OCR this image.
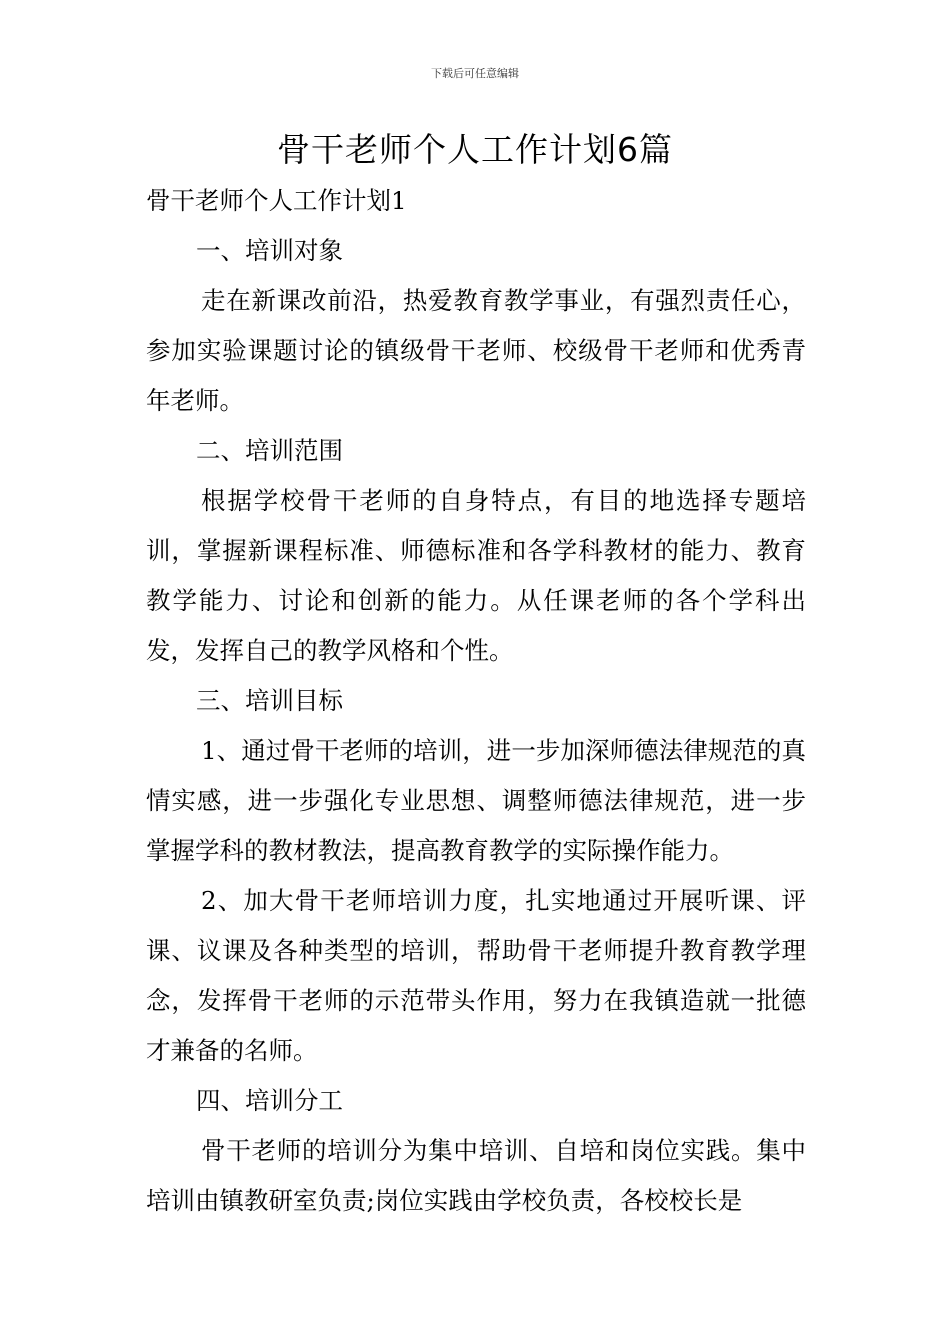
下载后可任意编辑
骨干老师个人工作计划6篇

骨干老师个人工作计划1

一、培训对象

走在新课改前沿，热爱教育教学事业，有强烈责任心，参加实验课题讨论的镇级骨干老师、校级骨干老师和优秀青年老师。

二、培训范围

根据学校骨干老师的自身特点，有目的地选择专题培训，掌握新课程标准、师德标准和各学科教材的能力、教育教学能力、讨论和创新的能力。从任课老师的各个学科出发，发挥自己的教学风格和个性。

三、培训目标

1、通过骨干老师的培训，进一步加深师德法律规范的真情实感，进一步强化专业思想、调整师德法律规范，进一步掌握学科的教材教法，提高教育教学的实际操作能力。

2、加大骨干老师培训力度，扎实地通过开展听课、评课、议课及各种类型的培训，帮助骨干老师提升教育教学理念，发挥骨干老师的示范带头作用，努力在我镇造就一批德才兼备的名师。

四、培训分工

骨干老师的培训分为集中培训、自培和岗位实践。集中培训由镇教研室负责;岗位实践由学校负责，各校校长是
